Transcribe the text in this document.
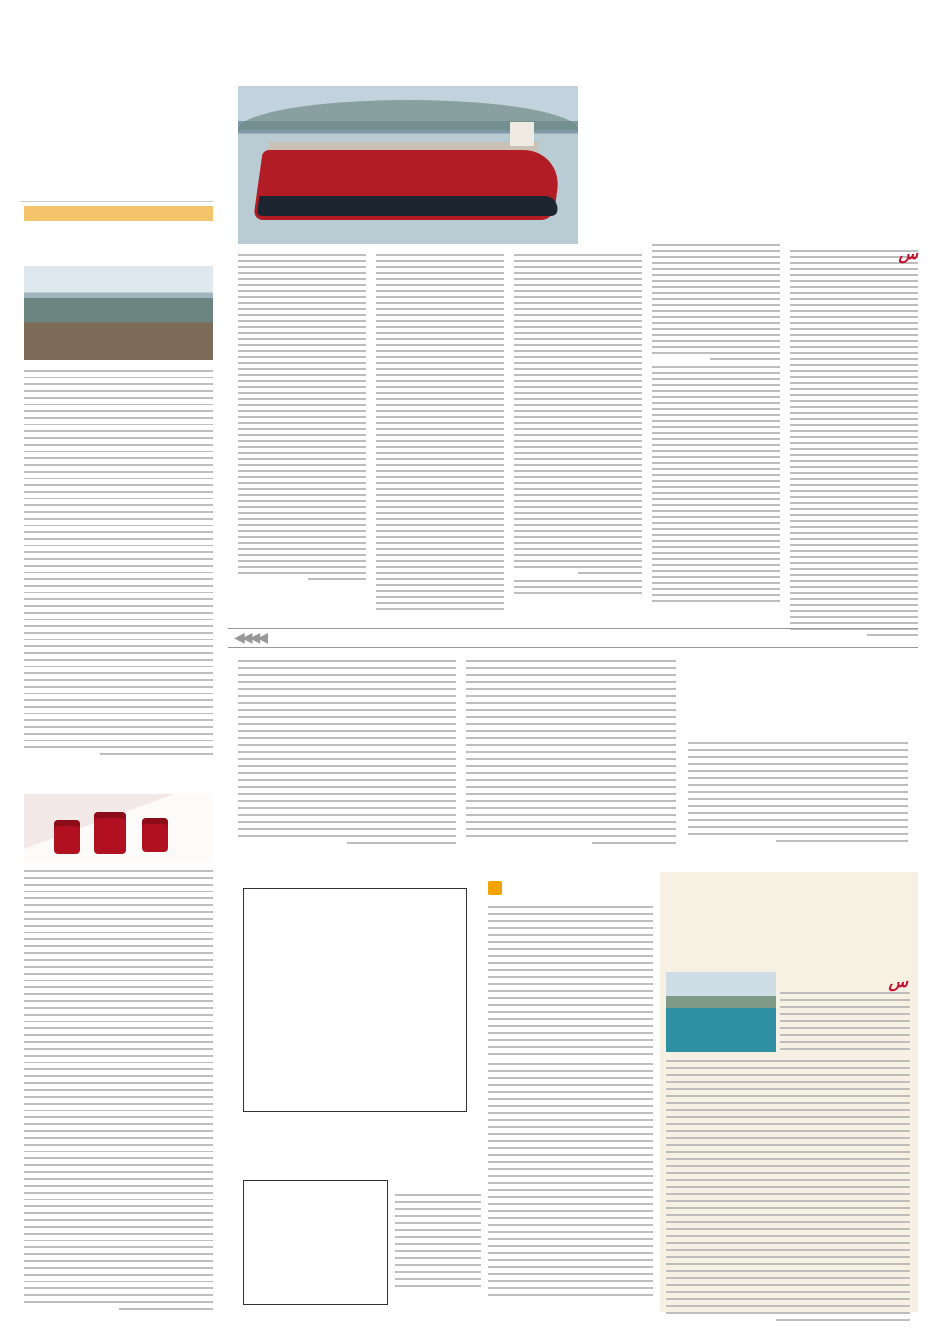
س
◀◀◀◀
س
